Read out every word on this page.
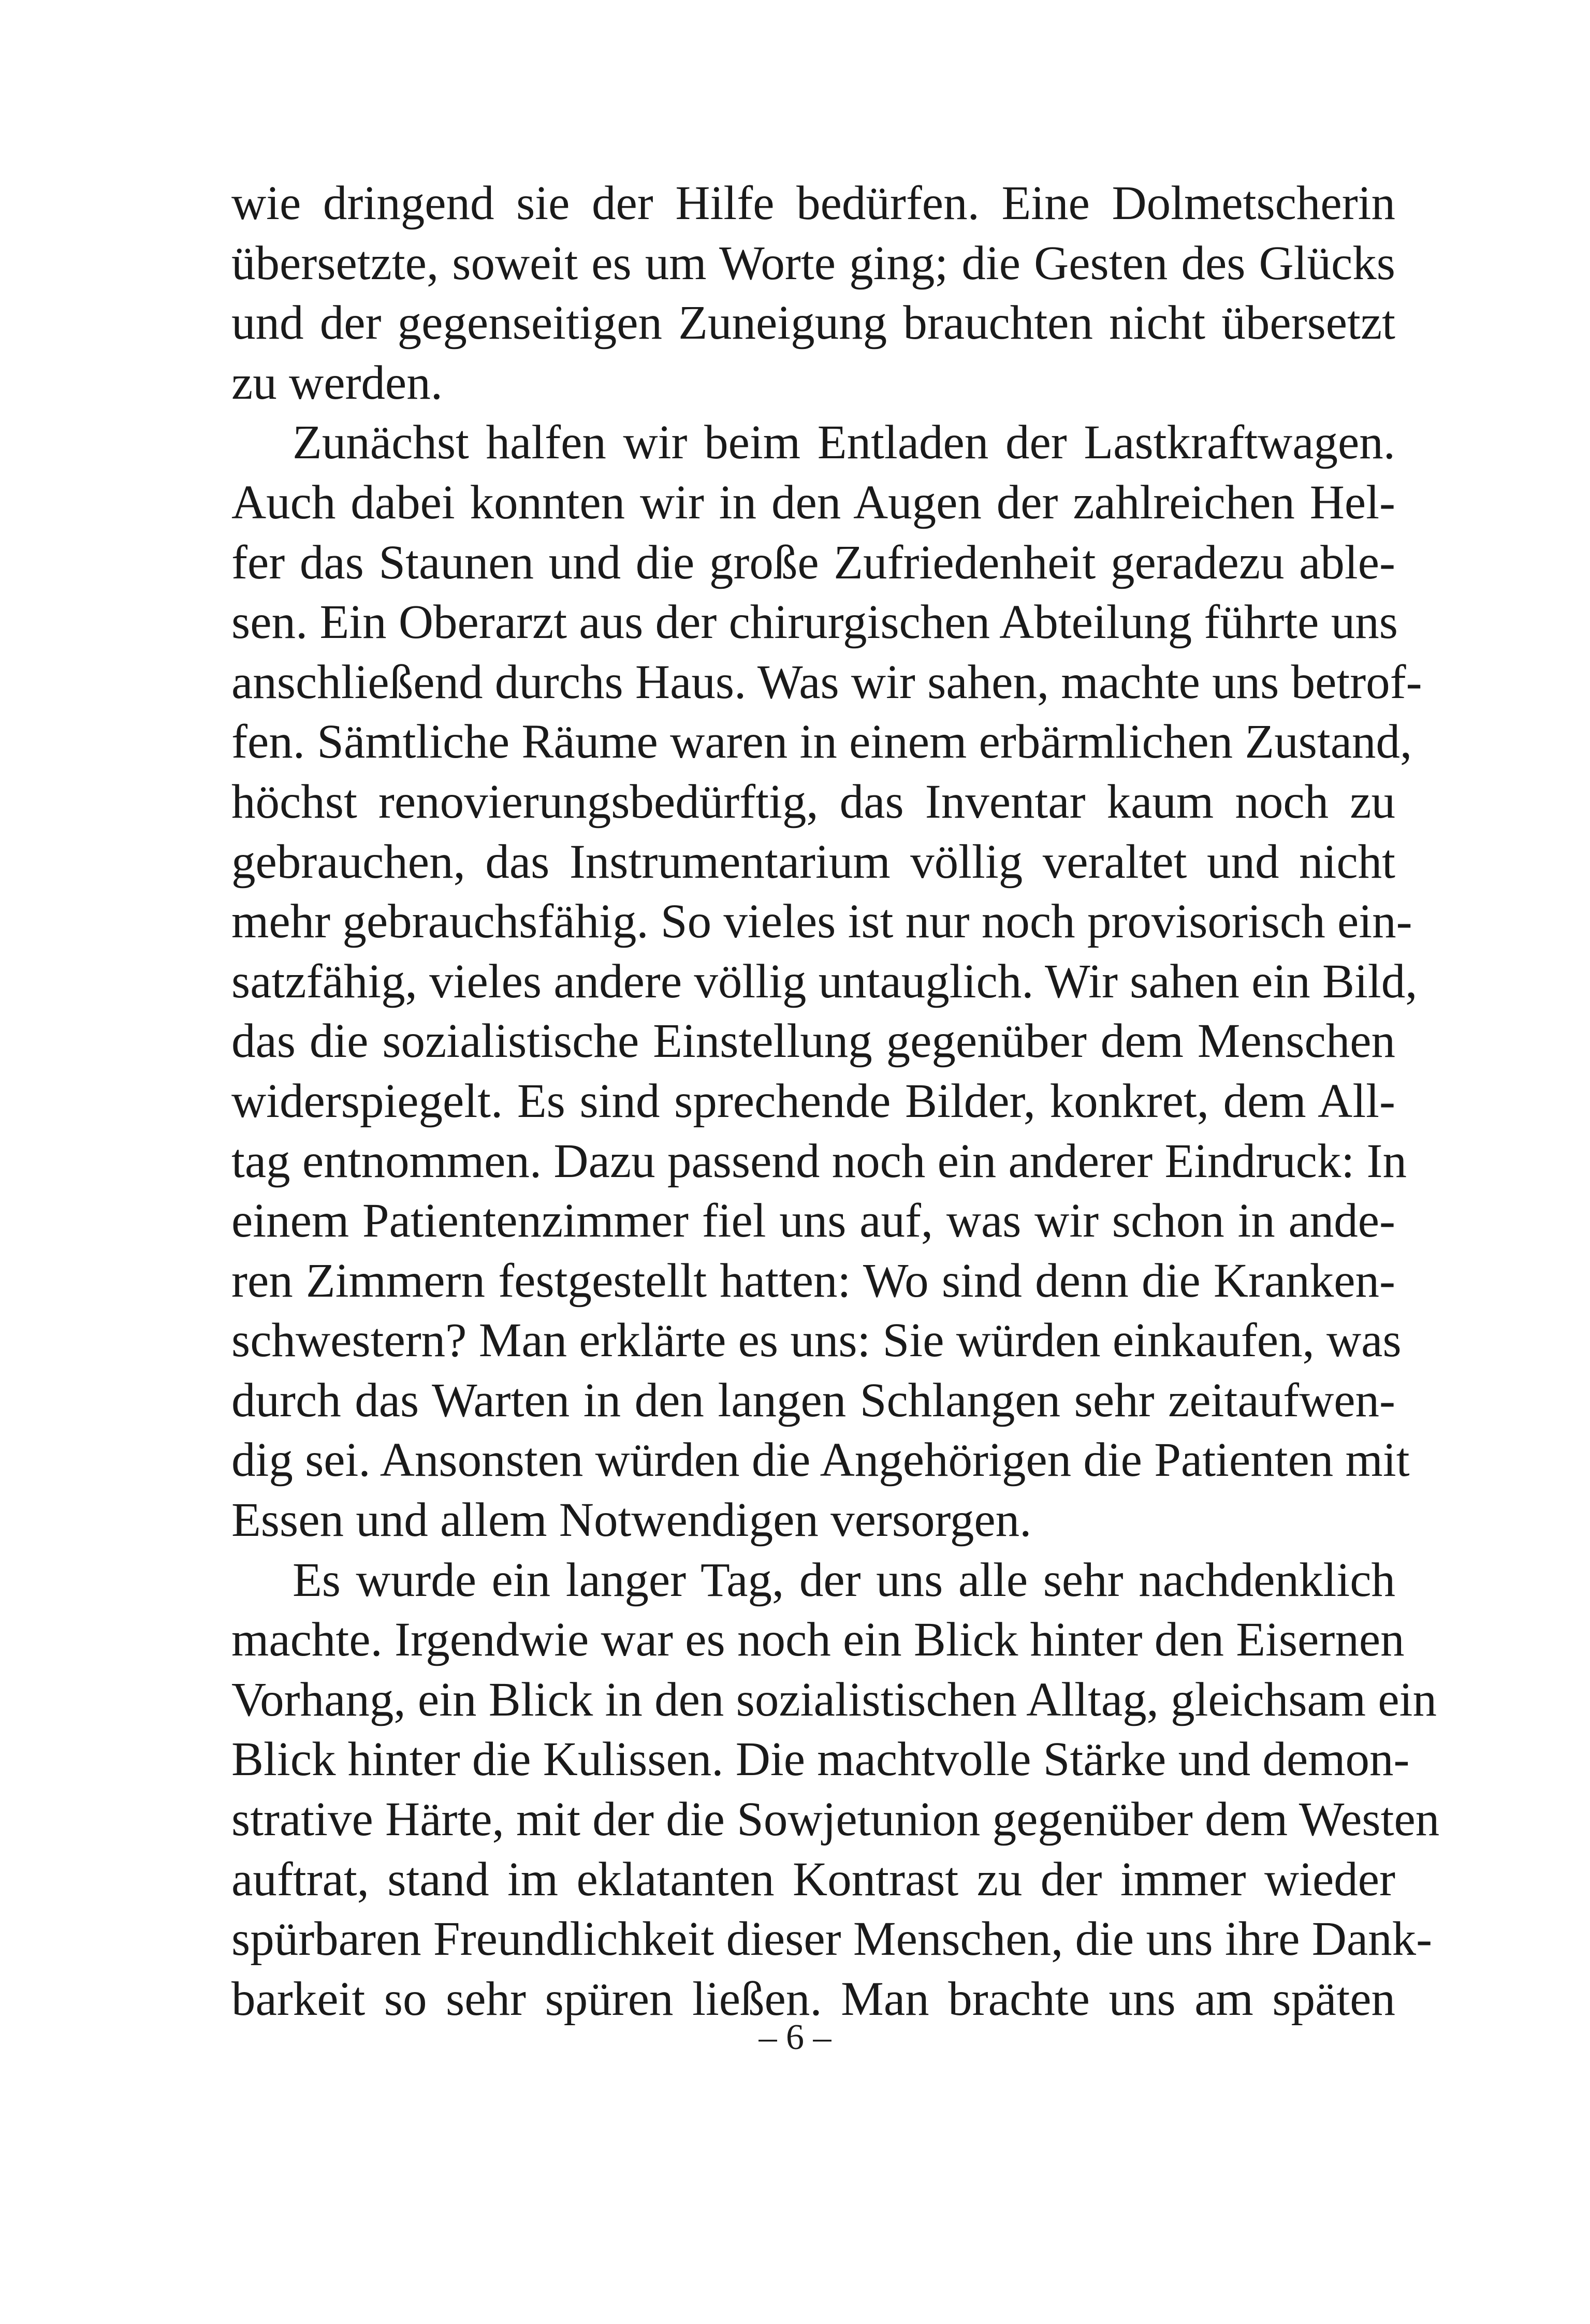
wie dringend sie der Hilfe bedürfen. Eine Dolmetscherin
übersetzte, soweit es um Worte ging; die Gesten des Glücks
und der gegenseitigen Zuneigung brauchten nicht übersetzt
zu werden.
Zunächst halfen wir beim Entladen der Lastkraftwagen.
Auch dabei konnten wir in den Augen der zahlreichen Hel-
fer das Staunen und die große Zufriedenheit geradezu able-
sen. Ein Oberarzt aus der chirurgischen Abteilung führte uns
anschließend durchs Haus. Was wir sahen, machte uns betrof-
fen. Sämtliche Räume waren in einem erbärmlichen Zustand,
höchst renovierungsbedürftig, das Inventar kaum noch zu
gebrauchen, das Instrumentarium völlig veraltet und nicht
mehr gebrauchsfähig. So vieles ist nur noch provisorisch ein-
satzfähig, vieles andere völlig untauglich. Wir sahen ein Bild,
das die sozialistische Einstellung gegenüber dem Menschen
widerspiegelt. Es sind sprechende Bilder, konkret, dem All-
tag entnommen. Dazu passend noch ein anderer Eindruck: In
einem Patientenzimmer fiel uns auf, was wir schon in ande-
ren Zimmern festgestellt hatten: Wo sind denn die Kranken-
schwestern? Man erklärte es uns: Sie würden einkaufen, was
durch das Warten in den langen Schlangen sehr zeitaufwen-
dig sei. Ansonsten würden die Angehörigen die Patienten mit
Essen und allem Notwendigen versorgen.
Es wurde ein langer Tag, der uns alle sehr nachdenklich
machte. Irgendwie war es noch ein Blick hinter den Eisernen
Vorhang, ein Blick in den sozialistischen Alltag, gleichsam ein
Blick hinter die Kulissen. Die machtvolle Stärke und demon-
strative Härte, mit der die Sowjetunion gegenüber dem Westen
auftrat, stand im eklatanten Kontrast zu der immer wieder
spürbaren Freundlichkeit dieser Menschen, die uns ihre Dank-
barkeit so sehr spüren ließen. Man brachte uns am späten
– 6 –
